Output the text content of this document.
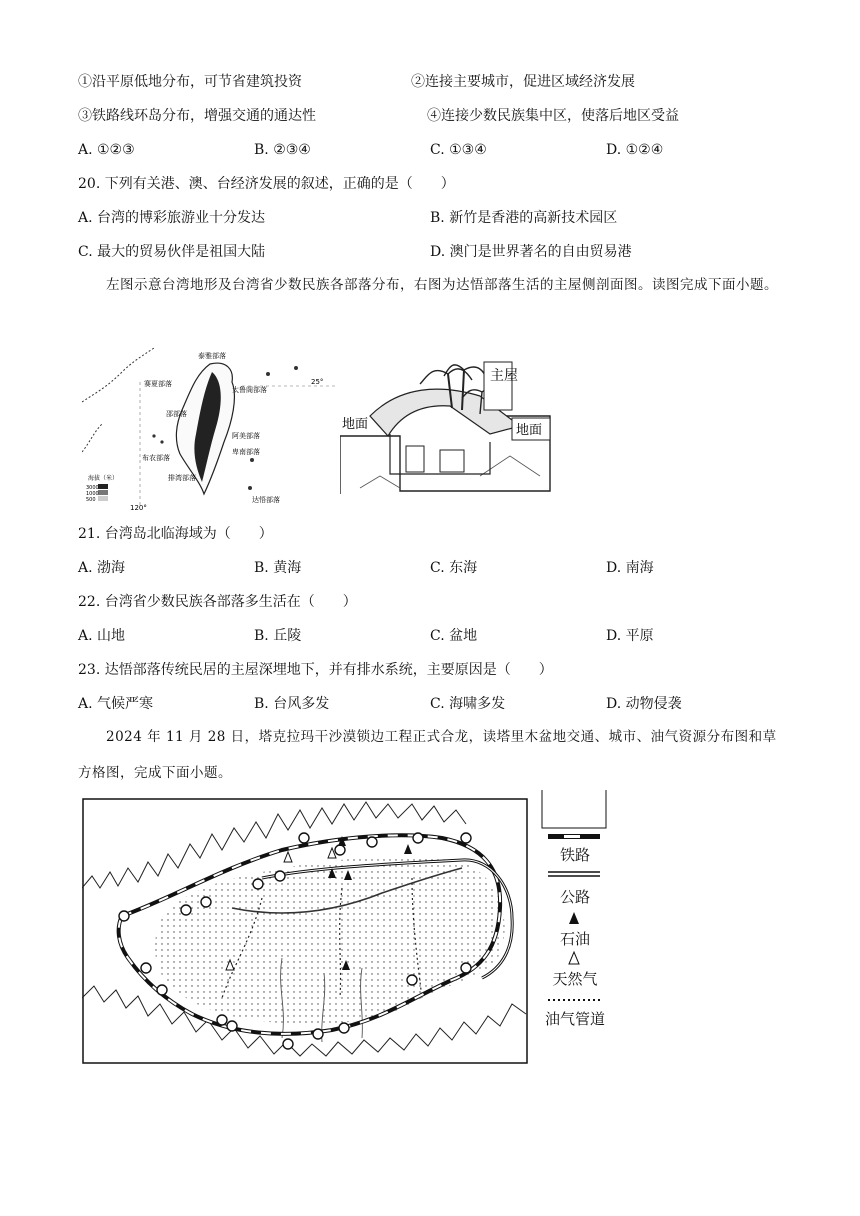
①沿平原低地分布，可节省建筑投资	②连接主要城市，促进区域经济发展
③铁路线环岛分布，增强交通的通达性	④连接少数民族集中区，使落后地区受益
A. ①②③	B. ②③④	C. ①③④	D. ①②④
20. 下列有关港、澳、台经济发展的叙述，正确的是（　　）
A. 台湾的博彩旅游业十分发达	B. 新竹是香港的高新技术园区
C. 最大的贸易伙伴是祖国大陆	D. 澳门是世界著名的自由贸易港
左图示意台湾地形及台湾省少数民族各部落分布，右图为达悟部落生活的主屋侧剖面图。读图完成下面小题。
25°
120°
泰雅部落
赛夏部落
太鲁阁部落
邵部落
阿美部落
布农部落
卑南部落
排湾部落
达悟部落
海拔（米）
3000
1000
500
主屋
地面
地面
21. 台湾岛北临海域为（　　）
A. 渤海	B. 黄海	C. 东海	D. 南海
22. 台湾省少数民族各部落多生活在（　　）
A. 山地	B. 丘陵	C. 盆地	D. 平原
23. 达悟部落传统民居的主屋深埋地下，并有排水系统，主要原因是（　　）
A. 气候严寒	B. 台风多发	C. 海啸多发	D. 动物侵袭
2024 年 11 月 28 日，塔克拉玛干沙漠锁边工程正式合龙，读塔里木盆地交通、城市、油气资源分布图和草方格图，完成下面小题。
铁路
公路
石油
天然气
油气管道
